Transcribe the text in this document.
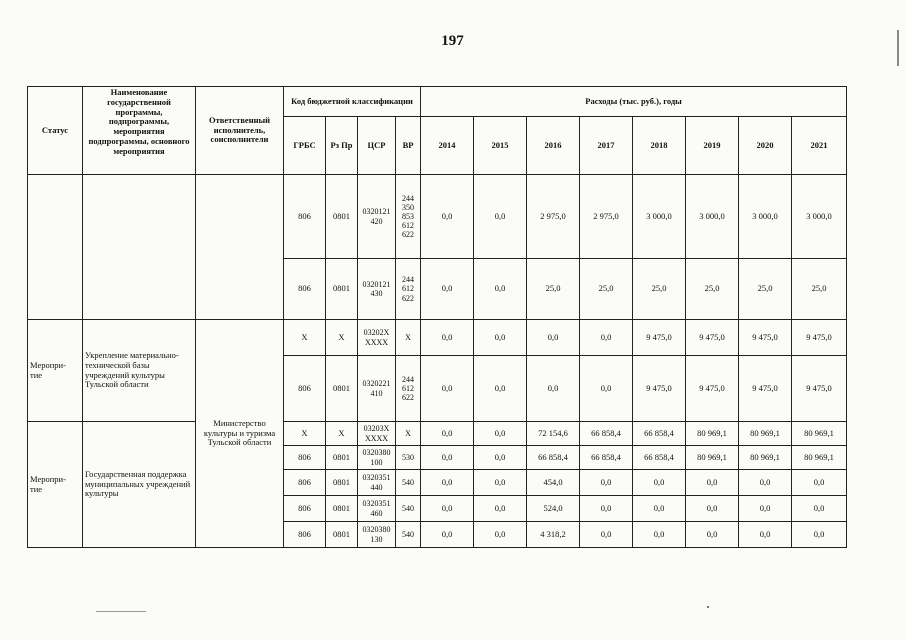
197
Статус	Наименование государственной программы, подпрограммы, мероприятия подпрограммы, основного мероприятия	Ответственный исполнитель, соисполнители	Код бюджетной классификации				Расходы (тыс. руб.), годы							
			ГРБС	Рз Пр	ЦСР	ВР	2014	2015	2016	2017	2018	2019	2020	2021
			806	0801	0320121
420	244
350
853
612
622	0,0	0,0	2 975,0	2 975,0	3 000,0	3 000,0	3 000,0	3 000,0
			806	0801	0320121
430	244
612
622	0,0	0,0	25,0	25,0	25,0	25,0	25,0	25,0
Меропри-
тие	Укрепление материально-технической базы учреждений культуры Тульской области	Министерство культуры и туризма Тульской области	X	X	03202X
XXXX	X	0,0	0,0	0,0	0,0	9 475,0	9 475,0	9 475,0	9 475,0
			806	0801	0320221
410	244
612
622	0,0	0,0	0,0	0,0	9 475,0	9 475,0	9 475,0	9 475,0
Меропри-
тие	Государственная поддержка муниципальных учреждений культуры		X	X	03203X
XXXX	X	0,0	0,0	72 154,6	66 858,4	66 858,4	80 969,1	80 969,1	80 969,1
			806	0801	0320380
100	530	0,0	0,0	66 858,4	66 858,4	66 858,4	80 969,1	80 969,1	80 969,1
			806	0801	0320351
440	540	0,0	0,0	454,0	0,0	0,0	0,0	0,0	0,0
			806	0801	0320351
460	540	0,0	0,0	524,0	0,0	0,0	0,0	0,0	0,0
			806	0801	0320380
130	540	0,0	0,0	4 318,2	0,0	0,0	0,0	0,0	0,0
